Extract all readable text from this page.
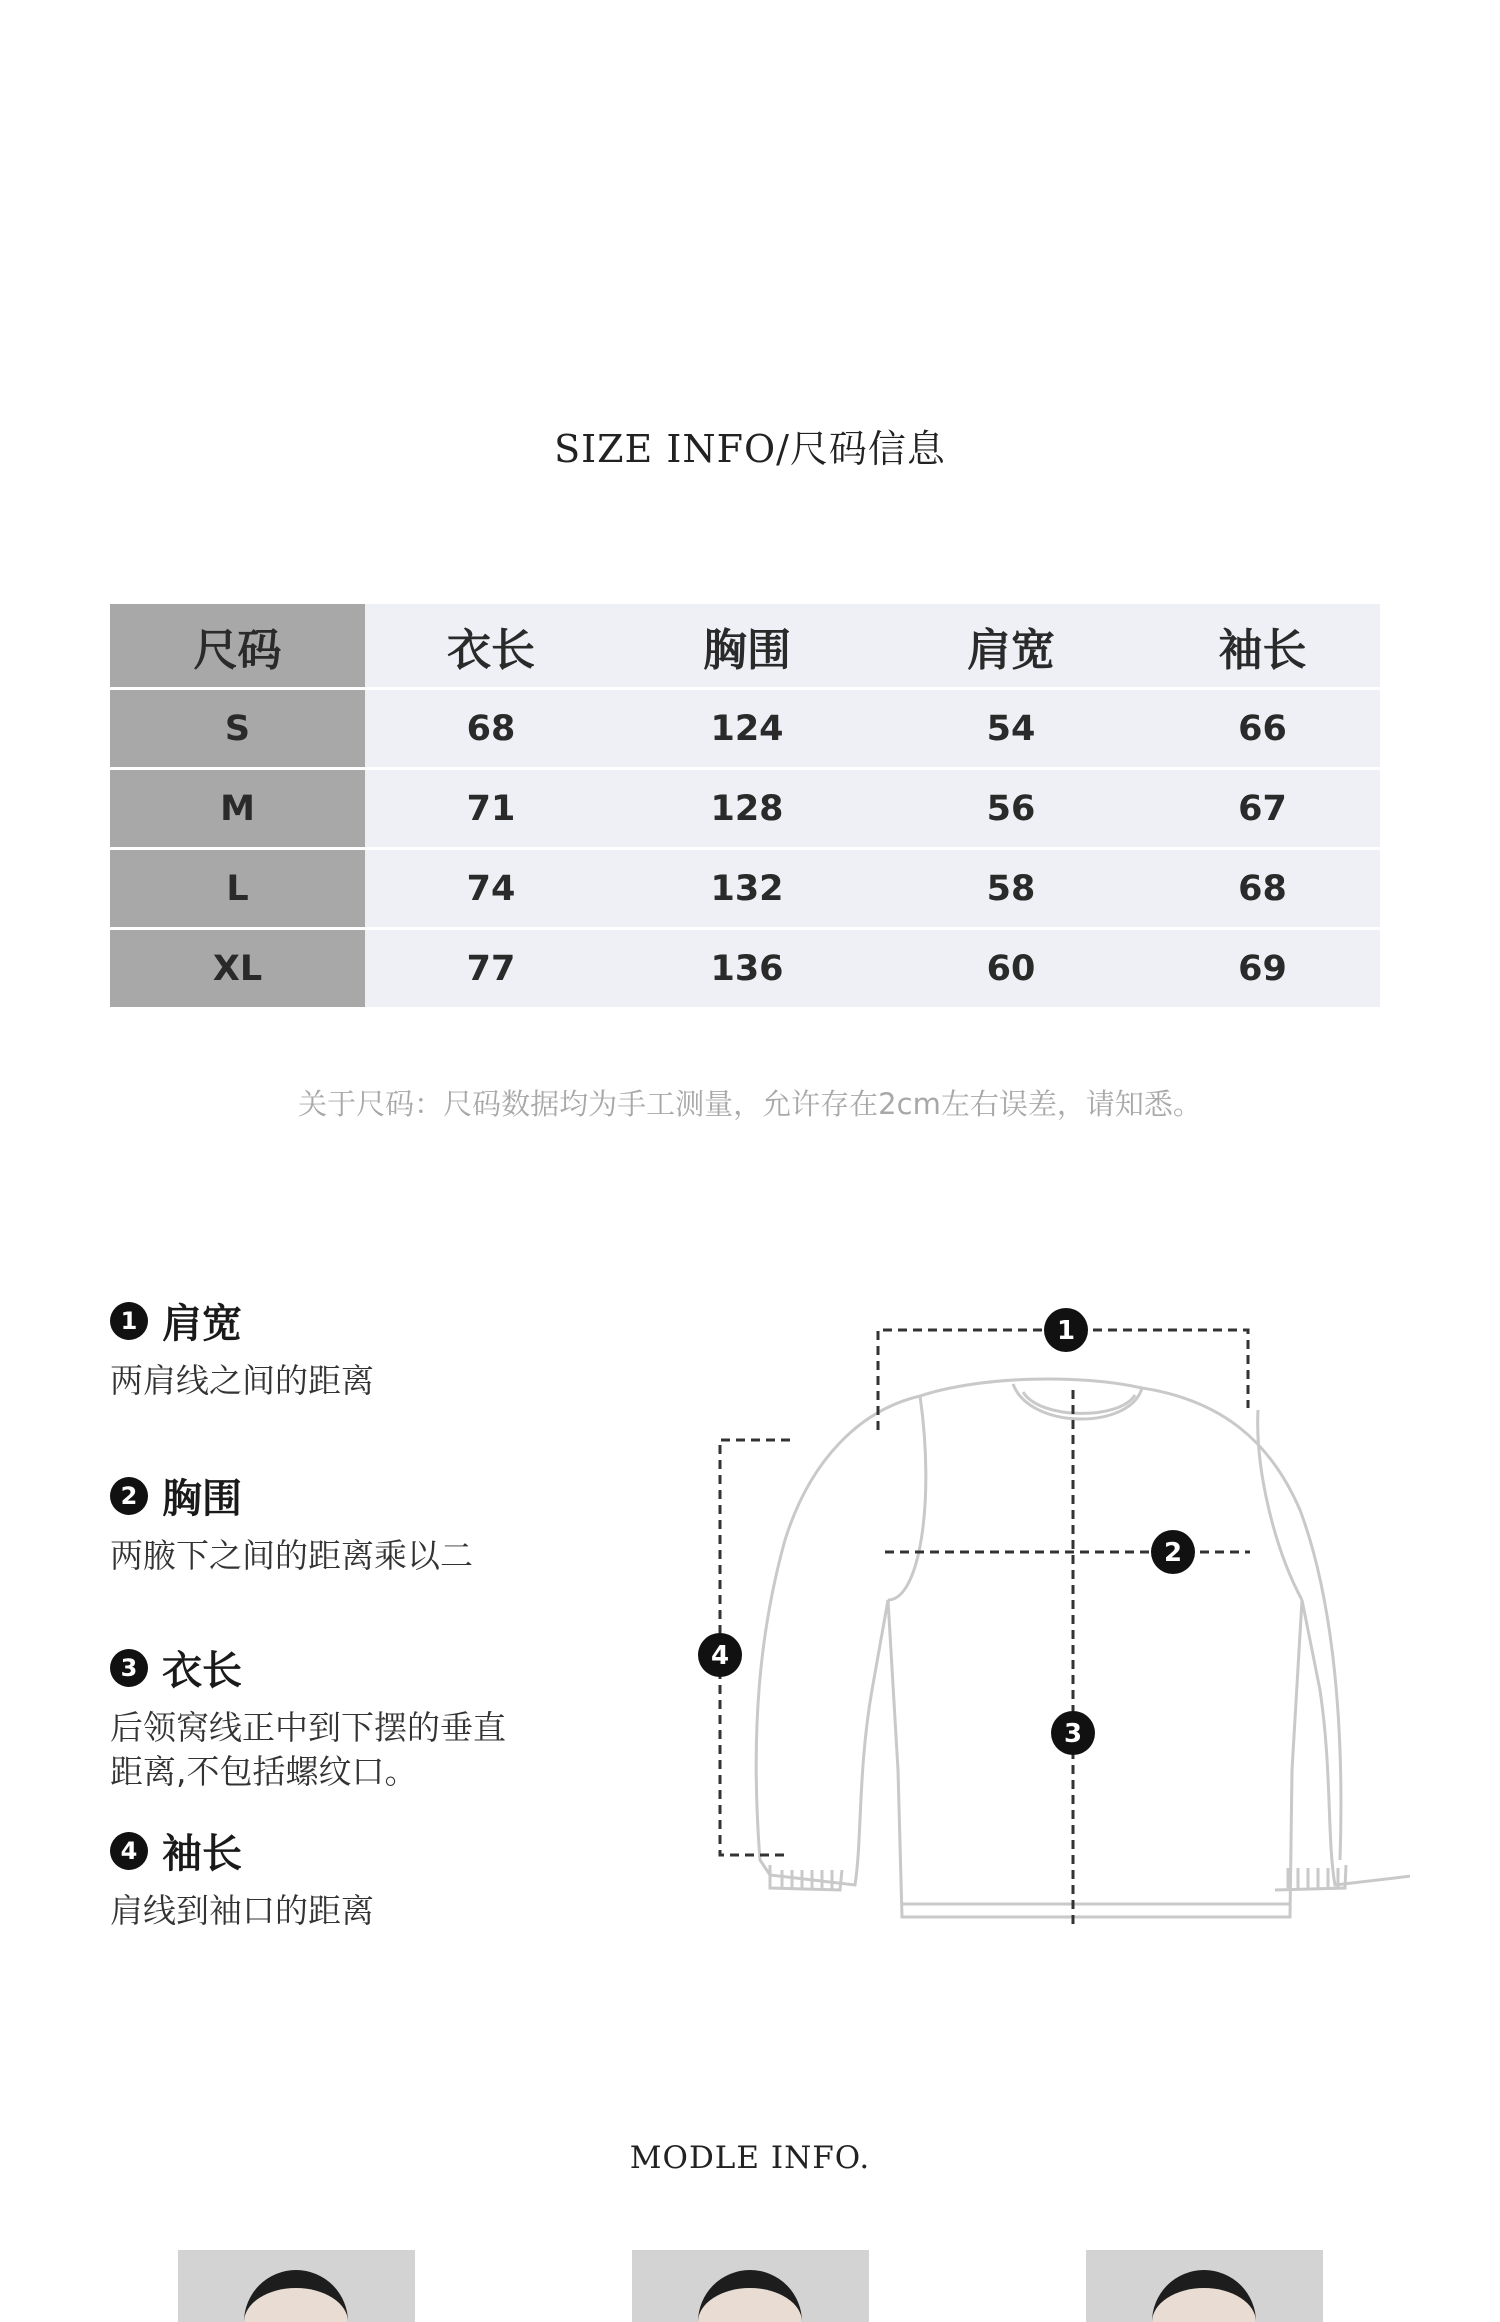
SIZE INFO/尺码信息
尺码	衣长	胸围	肩宽	袖长
S	68	124	54	66
M	71	128	56	67
L	74	132	58	68
XL	77	136	60	69
关于尺码：尺码数据均为手工测量，允许存在2cm左右误差，请知悉。
1 肩宽
两肩线之间的距离
2 胸围
两腋下之间的距离乘以二
3 衣长
后领窝线正中到下摆的垂直
距离,不包括螺纹口。
4 袖长
肩线到袖口的距离
1
2
3
4
MODLE INFO.
